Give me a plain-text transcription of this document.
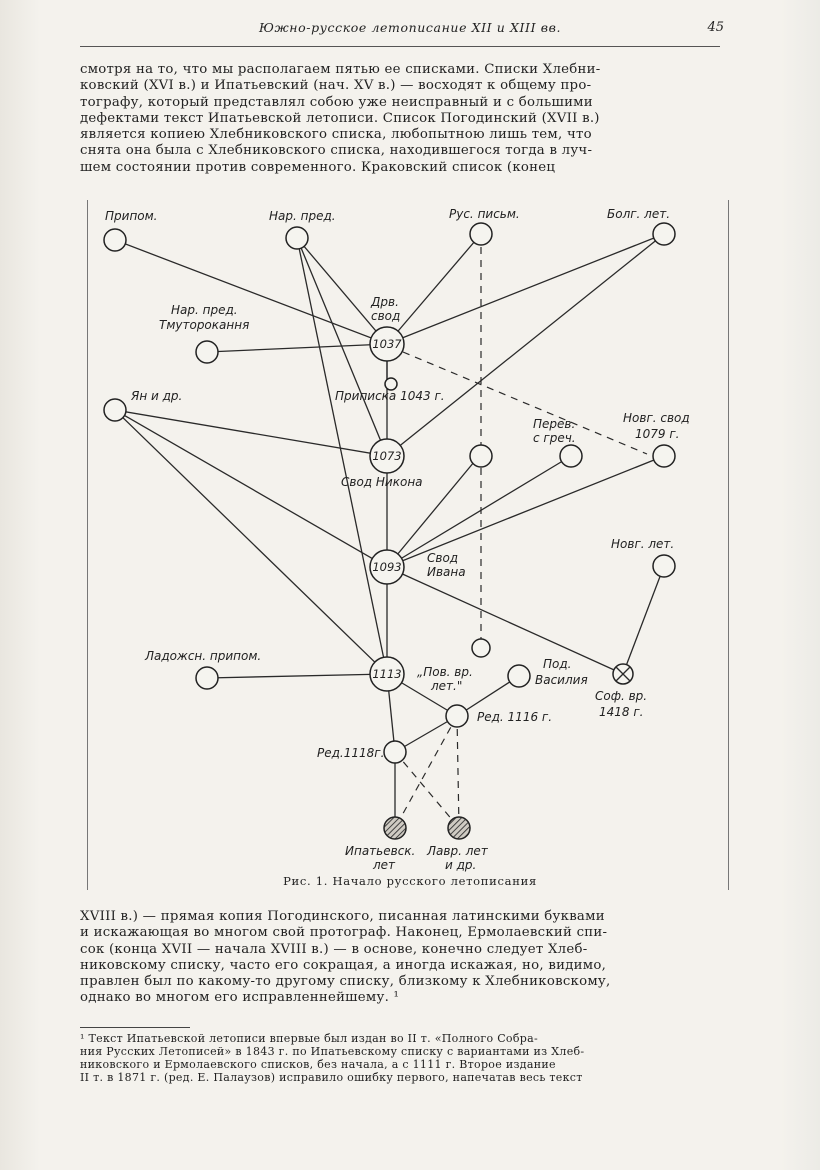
Южно-русское летописание XII и XIII вв.	45
смотря на то, что мы располагаем пятью ее списками. Списки Хлебни-
ковский (XVI в.) и Ипатьевский (нач. XV в.) — восходят к общему про-
тографу, который представлял собою уже неисправный и с большими
дефектами текст Ипатьевской летописи. Список Погодинский (XVII в.)
является копиею Хлебниковского списка, любопытною лишь тем, что
снята она была с Хлебниковского списка, находившегося тогда в луч-
шем состоянии против современного. Краковский список (конец
1037
1073
1093
1113
Припом.	Нар. пред.	Рус. письм.	Болг. лет.
Дрв.
свод
Нар. пред.
Тмуторокання
Ян и др.	Приписка 1043 г.
Перев.
с греч.
Новг. свод
1079 г.
Свод Никона
Свод
Ивана
Новг. лет.
Ладожсн. припом.
„Пов. вр.
лет."
Под.
Василия
Соф. вр.
1418 г.
Ред. 1116 г.
Ред.1118г.
Ипатьевск.
лет
Лавр. лет
и др.
Рис. 1. Начало русского летописания
XVIII в.) — прямая копия Погодинского, писанная латинскими буквами
и искажающая во многом свой протограф. Наконец, Ермолаевский спи-
сок (конца XVII — начала XVIII в.) — в основе, конечно следует Хлеб-
никовскому списку, часто его сокращая, а иногда искажая, но, видимо,
правлен был по какому-то другому списку, близкому к Хлебниковскому,
однако во многом его исправленнейшему. ¹
¹ Текст Ипатьевской летописи впервые был издан во II т. «Полного Собра-
ния Русских Летописей» в 1843 г. по Ипатьевскому списку с вариантами из Хлеб-
никовского и Ермолаевского списков, без начала, а с 1111 г. Второе издание
II т. в 1871 г. (ред. Е. Палаузов) исправило ошибку первого, напечатав весь текст
